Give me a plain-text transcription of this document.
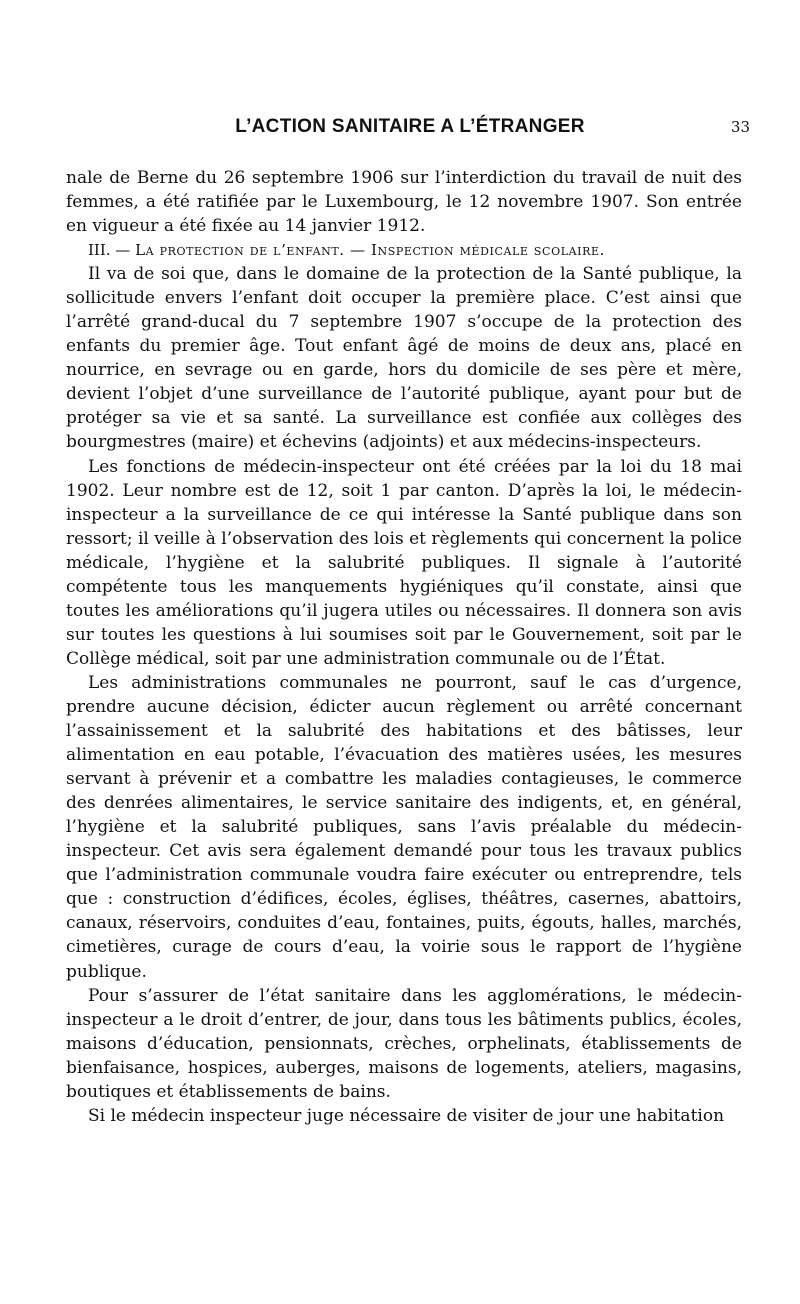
L’ACTION SANITAIRE A L’ÉTRANGER	33

nale de Berne du 26 septembre 1906 sur l’interdiction du travail de nuit des femmes, a été ratifiée par le Luxembourg, le 12 novembre 1907. Son entrée en vigueur a été fixée au 14 janvier 1912.

III. — La protection de l’enfant. — Inspection médicale scolaire.

Il va de soi que, dans le domaine de la protection de la Santé publique, la sollicitude envers l’enfant doit occuper la première place. C’est ainsi que l’arrêté grand-ducal du 7 septembre 1907 s’occupe de la protection des enfants du premier âge. Tout enfant âgé de moins de deux ans, placé en nourrice, en sevrage ou en garde, hors du domicile de ses père et mère, devient l’objet d’une surveillance de l’autorité publique, ayant pour but de protéger sa vie et sa santé. La surveillance est confiée aux collèges des bourgmestres (maire) et échevins (adjoints) et aux médecins-inspecteurs.

Les fonctions de médecin-inspecteur ont été créées par la loi du 18 mai 1902. Leur nombre est de 12, soit 1 par canton. D’après la loi, le médecin-inspecteur a la surveillance de ce qui intéresse la Santé publique dans son ressort; il veille à l’observation des lois et règlements qui concernent la police médicale, l’hygiène et la salubrité publiques. Il signale à l’autorité compétente tous les manquements hygiéniques qu’il constate, ainsi que toutes les améliorations qu’il jugera utiles ou nécessaires. Il donnera son avis sur toutes les questions à lui soumises soit par le Gouvernement, soit par le Collège médical, soit par une administration communale ou de l’État.

Les administrations communales ne pourront, sauf le cas d’urgence, prendre aucune décision, édicter aucun règlement ou arrêté concernant l’assainissement et la salubrité des habitations et des bâtisses, leur alimentation en eau potable, l’évacuation des matières usées, les mesures servant à prévenir et a combattre les maladies contagieuses, le commerce des denrées alimentaires, le service sanitaire des indigents, et, en général, l’hygiène et la salubrité publiques, sans l’avis préalable du médecin-inspecteur. Cet avis sera également demandé pour tous les travaux publics que l’administration communale voudra faire exécuter ou entreprendre, tels que : construction d’édifices, écoles, églises, théâtres, casernes, abattoirs, canaux, réservoirs, conduites d’eau, fontaines, puits, égouts, halles, marchés, cimetières, curage de cours d’eau, la voirie sous le rapport de l’hygiène publique.

Pour s’assurer de l’état sanitaire dans les agglomérations, le médecin-inspecteur a le droit d’entrer, de jour, dans tous les bâtiments publics, écoles, maisons d’éducation, pensionnats, crèches, orphelinats, établissements de bienfaisance, hospices, auberges, maisons de logements, ateliers, magasins, boutiques et établissements de bains.

Si le médecin inspecteur juge nécessaire de visiter de jour une habitation
